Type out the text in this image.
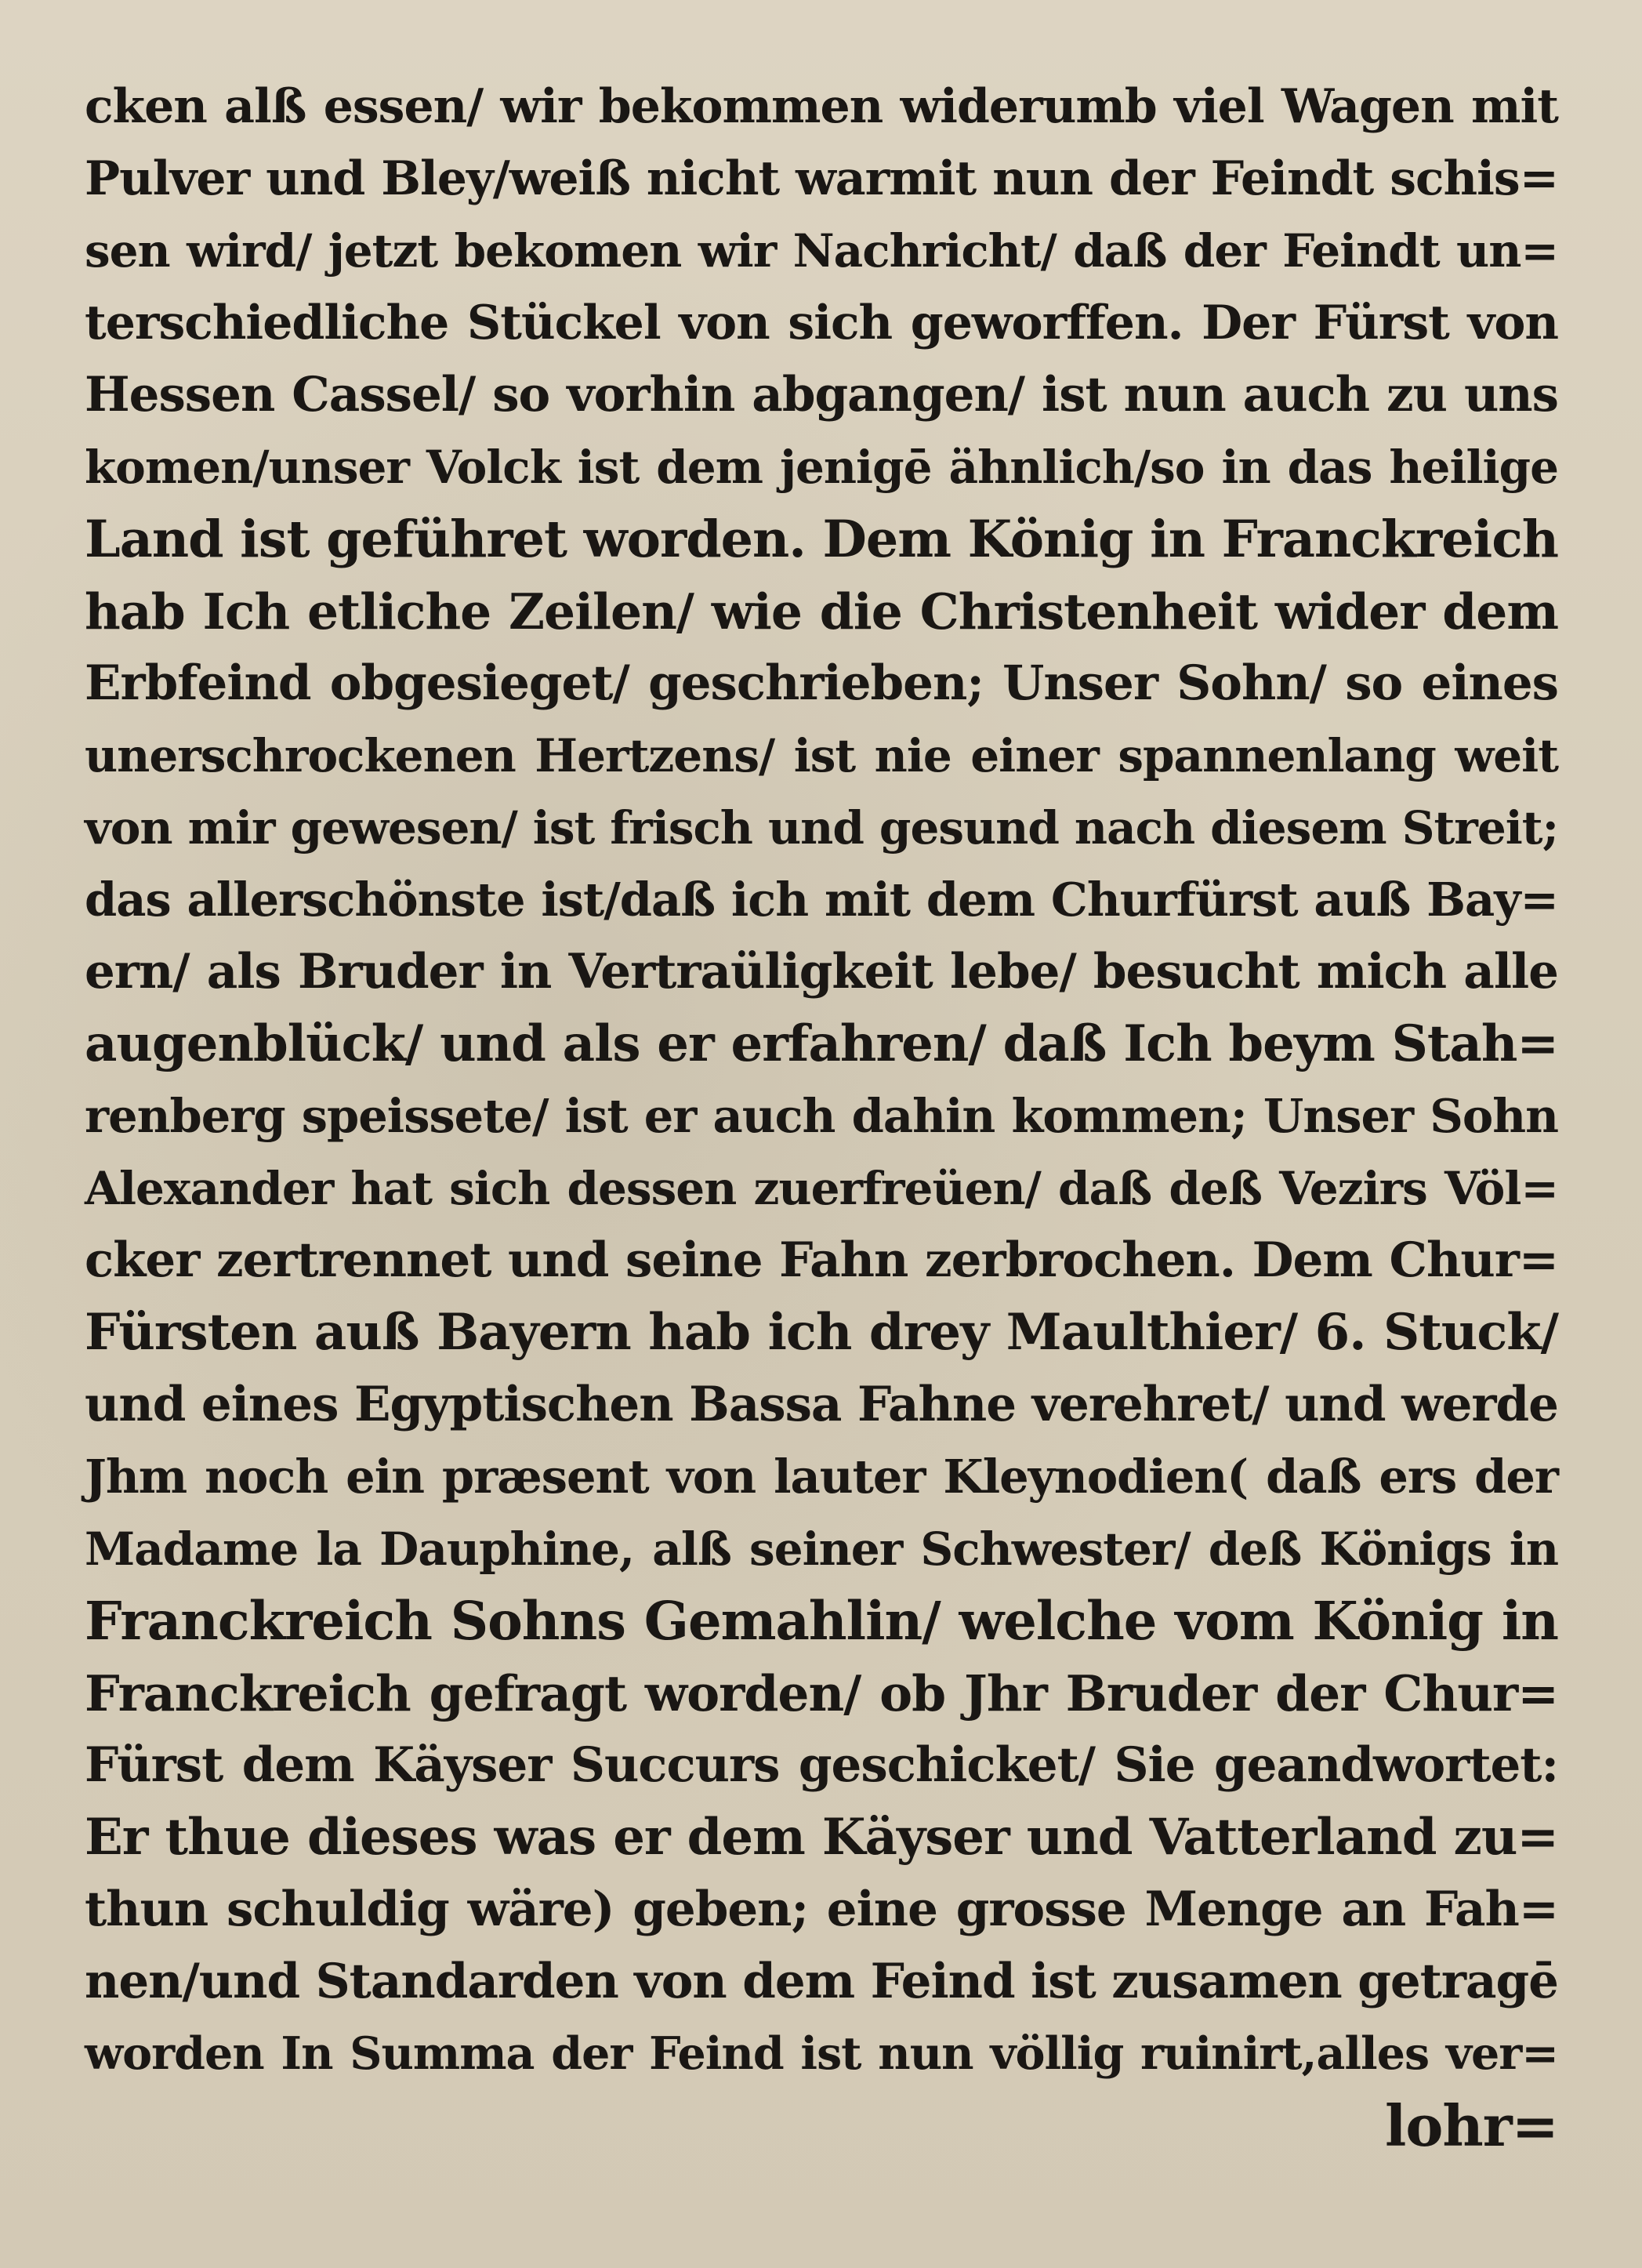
cken alß essen/ wir bekommen widerumb viel Wagen mit
Pulver und Bley/weiß nicht warmit nun der Feindt schis=
sen wird/ jetzt bekomen wir Nachricht/ daß der Feindt un=
terschiedliche Stückel von sich geworffen. Der Fürst von
Hessen Cassel/ so vorhin abgangen/ ist nun auch zu uns
komen/unser Volck ist dem jenigē ähnlich/so in das heilige
Land ist geführet worden. Dem König in Franckreich
hab Ich etliche Zeilen/ wie die Christenheit wider dem
Erbfeind obgesieget/ geschrieben; Unser Sohn/ so eines
unerschrockenen Hertzens/ ist nie einer spannenlang weit
von mir gewesen/ ist frisch und gesund nach diesem Streit;
das allerschönste ist/daß ich mit dem Churfürst auß Bay=
ern/ als Bruder in Vertraüligkeit lebe/ besucht mich alle
augenblück/ und als er erfahren/ daß Ich beym Stah=
renberg speissete/ ist er auch dahin kommen; Unser Sohn
Alexander hat sich dessen zuerfreüen/ daß deß Vezirs Völ=
cker zertrennet und seine Fahn zerbrochen. Dem Chur=
Fürsten auß Bayern hab ich drey Maulthier/ 6. Stuck/
und eines Egyptischen Bassa Fahne verehret/ und werde
Jhm noch ein præsent von lauter Kleynodien( daß ers der
Madame la Dauphine, alß seiner Schwester/ deß Königs in
Franckreich Sohns Gemahlin/ welche vom König in
Franckreich gefragt worden/ ob Jhr Bruder der Chur=
Fürst dem Käyser Succurs geschicket/ Sie geandwortet:
Er thue dieses was er dem Käyser und Vatterland zu=
thun schuldig wäre) geben; eine grosse Menge an Fah=
nen/und Standarden von dem Feind ist zusamen getragē
worden In Summa der Feind ist nun völlig ruinirt,alles ver=
lohr=
